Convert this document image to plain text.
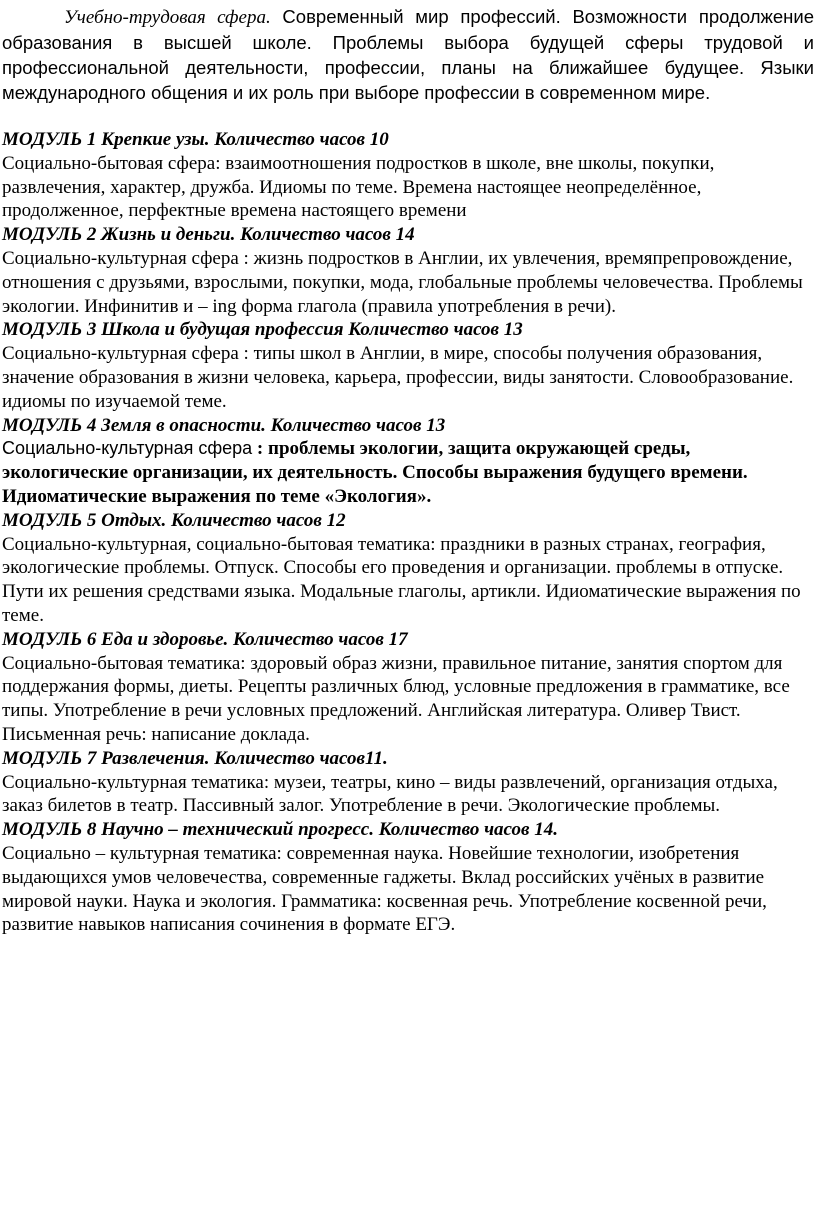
Учебно-трудовая сфера. Современный мир профессий. Возможности продолжение образования в высшей школе. Проблемы выбора будущей сферы трудовой и профессиональной деятельности, профессии, планы на ближайшее будущее. Языки международного общения и их роль при выборе профессии в современном мире.

МОДУЛЬ 1 Крепкие узы. Количество часов 10

Социально-бытовая сфера: взаимоотношения подростков в школе, вне школы, покупки, развлечения, характер, дружба. Идиомы по теме. Времена настоящее неопределённое, продолженное, перфектные времена настоящего времени

МОДУЛЬ 2 Жизнь и деньги. Количество часов 14

Социально-культурная сфера : жизнь подростков в Англии, их увлечения, времяпрепровождение, отношения с друзьями, взрослыми, покупки, мода, глобальные проблемы человечества. Проблемы экологии. Инфинитив и – ing форма глагола (правила употребления в речи).

МОДУЛЬ 3 Школа и будущая профессия Количество часов 13

Социально-культурная сфера : типы школ в Англии, в мире, способы получения образования, значение образования в жизни человека, карьера, профессии, виды занятости. Словообразование. идиомы по изучаемой теме.

МОДУЛЬ 4 Земля в опасности. Количество часов 13

Социально-культурная сфера : проблемы экологии, защита окружающей среды, экологические организации, их деятельность. Способы выражения будущего времени. Идиоматические выражения по теме «Экология».

МОДУЛЬ 5 Отдых. Количество часов 12

Социально-культурная, социально-бытовая тематика: праздники в разных странах, география, экологические проблемы. Отпуск. Способы его проведения и организации. проблемы в отпуске. Пути их решения средствами языка. Модальные глаголы, артикли. Идиоматические выражения по теме.

МОДУЛЬ 6 Еда и здоровье. Количество часов 17

Социально-бытовая тематика: здоровый образ жизни, правильное питание, занятия спортом для поддержания формы, диеты. Рецепты различных блюд, условные предложения в грамматике, все типы. Употребление в речи условных предложений. Английская литература. Оливер Твист. Письменная речь: написание доклада.

МОДУЛЬ 7 Развлечения. Количество часов11.

Социально-культурная тематика: музеи, театры, кино – виды развлечений, организация отдыха, заказ билетов в театр. Пассивный залог. Употребление в речи. Экологические проблемы.

МОДУЛЬ 8 Научно – технический прогресс. Количество часов 14.

Социально – культурная тематика: современная наука. Новейшие технологии, изобретения выдающихся умов человечества, современные гаджеты. Вклад российских учёных в развитие мировой науки. Наука и экология. Грамматика: косвенная речь. Употребление косвенной речи, развитие навыков написания сочинения в формате ЕГЭ.
